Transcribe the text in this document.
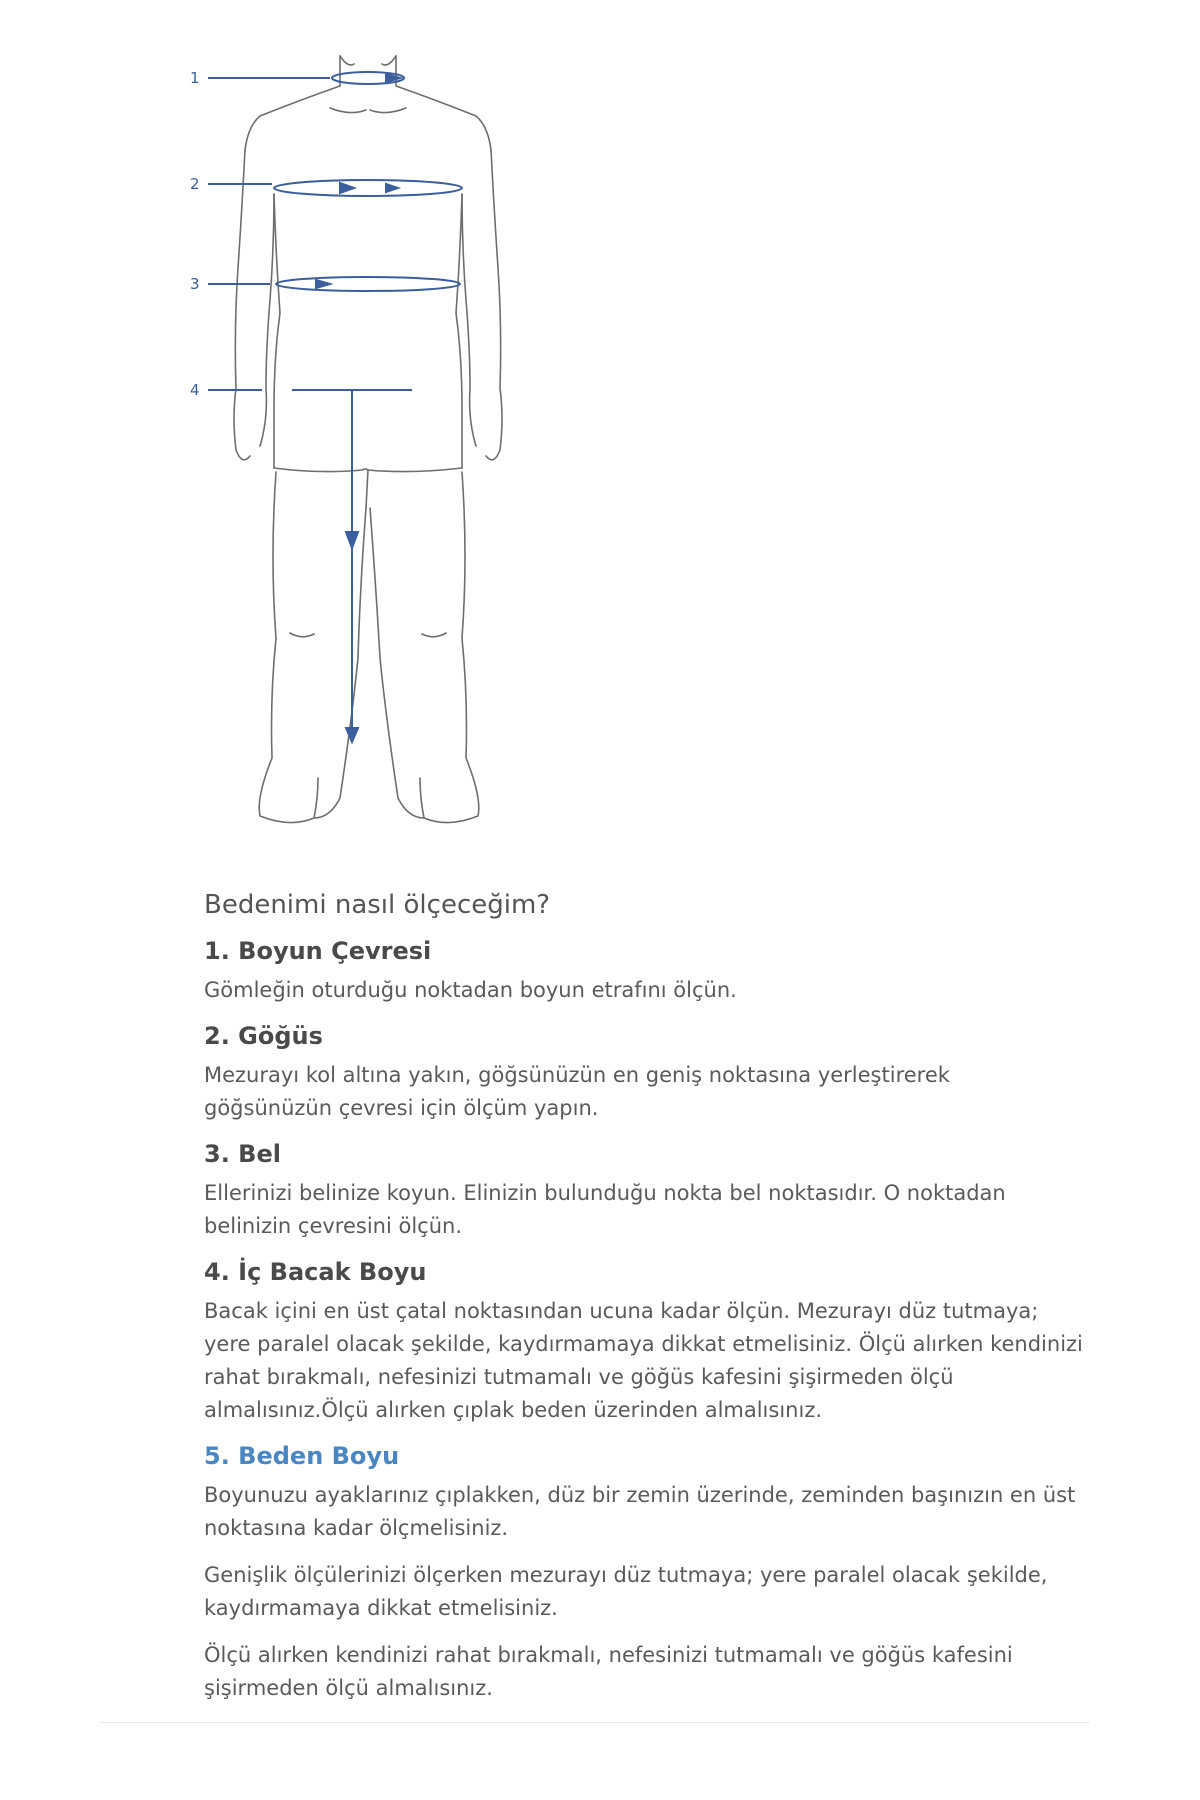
1
2
3
4
Bedenimi nasıl ölçeceğim?
1. Boyun Çevresi

Gömleğin oturduğu noktadan boyun etrafını ölçün.

2. Göğüs

Mezurayı kol altına yakın, göğsünüzün en geniş noktasına yerleştirerek göğsünüzün çevresi için ölçüm yapın.

3. Bel

Ellerinizi belinize koyun. Elinizin bulunduğu nokta bel noktasıdır. O noktadan belinizin çevresini ölçün.

4. İç Bacak Boyu

Bacak içini en üst çatal noktasından ucuna kadar ölçün. Mezurayı düz tutmaya; yere paralel olacak şekilde, kaydırmamaya dikkat etmelisiniz. Ölçü alırken kendinizi rahat bırakmalı, nefesinizi tutmamalı ve göğüs kafesini şişirmeden ölçü almalısınız.Ölçü alırken çıplak beden üzerinden almalısınız.

5. Beden Boyu

Boyunuzu ayaklarınız çıplakken, düz bir zemin üzerinde, zeminden başınızın en üst noktasına kadar ölçmelisiniz.

Genişlik ölçülerinizi ölçerken mezurayı düz tutmaya; yere paralel olacak şekilde, kaydırmamaya dikkat etmelisiniz.

Ölçü alırken kendinizi rahat bırakmalı, nefesinizi tutmamalı ve göğüs kafesini şişirmeden ölçü almalısınız.
